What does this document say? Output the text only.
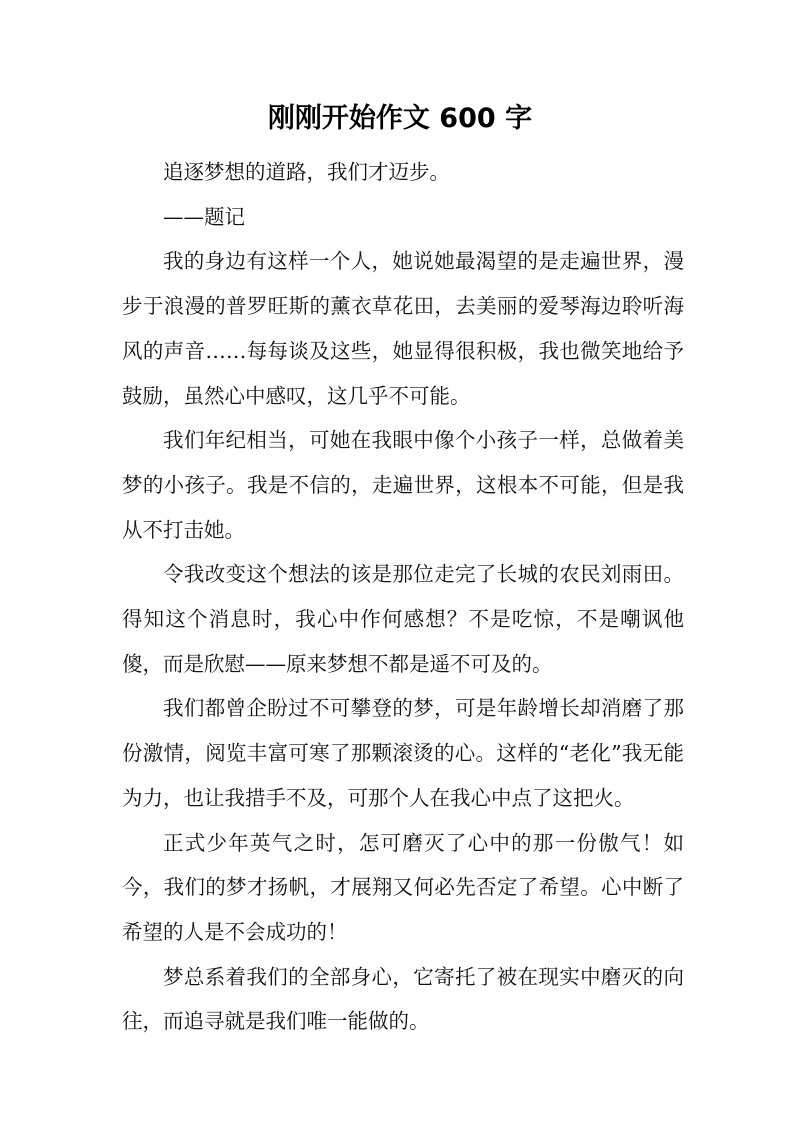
刚刚开始作文 600 字

追逐梦想的道路，我们才迈步。

——题记

我的身边有这样一个人，她说她最渴望的是走遍世界，漫步于浪漫的普罗旺斯的薰衣草花田，去美丽的爱琴海边聆听海风的声音……每每谈及这些，她显得很积极，我也微笑地给予鼓励，虽然心中感叹，这几乎不可能。

我们年纪相当，可她在我眼中像个小孩子一样，总做着美梦的小孩子。我是不信的，走遍世界，这根本不可能，但是我从不打击她。

令我改变这个想法的该是那位走完了长城的农民刘雨田。得知这个消息时，我心中作何感想？不是吃惊，不是嘲讽他傻，而是欣慰——原来梦想不都是遥不可及的。

我们都曾企盼过不可攀登的梦，可是年龄增长却消磨了那份激情，阅览丰富可寒了那颗滚烫的心。这样的“老化”我无能为力，也让我措手不及，可那个人在我心中点了这把火。

正式少年英气之时，怎可磨灭了心中的那一份傲气！如今，我们的梦才扬帆，才展翔又何必先否定了希望。心中断了希望的人是不会成功的！

梦总系着我们的全部身心，它寄托了被在现实中磨灭的向往，而追寻就是我们唯一能做的。
